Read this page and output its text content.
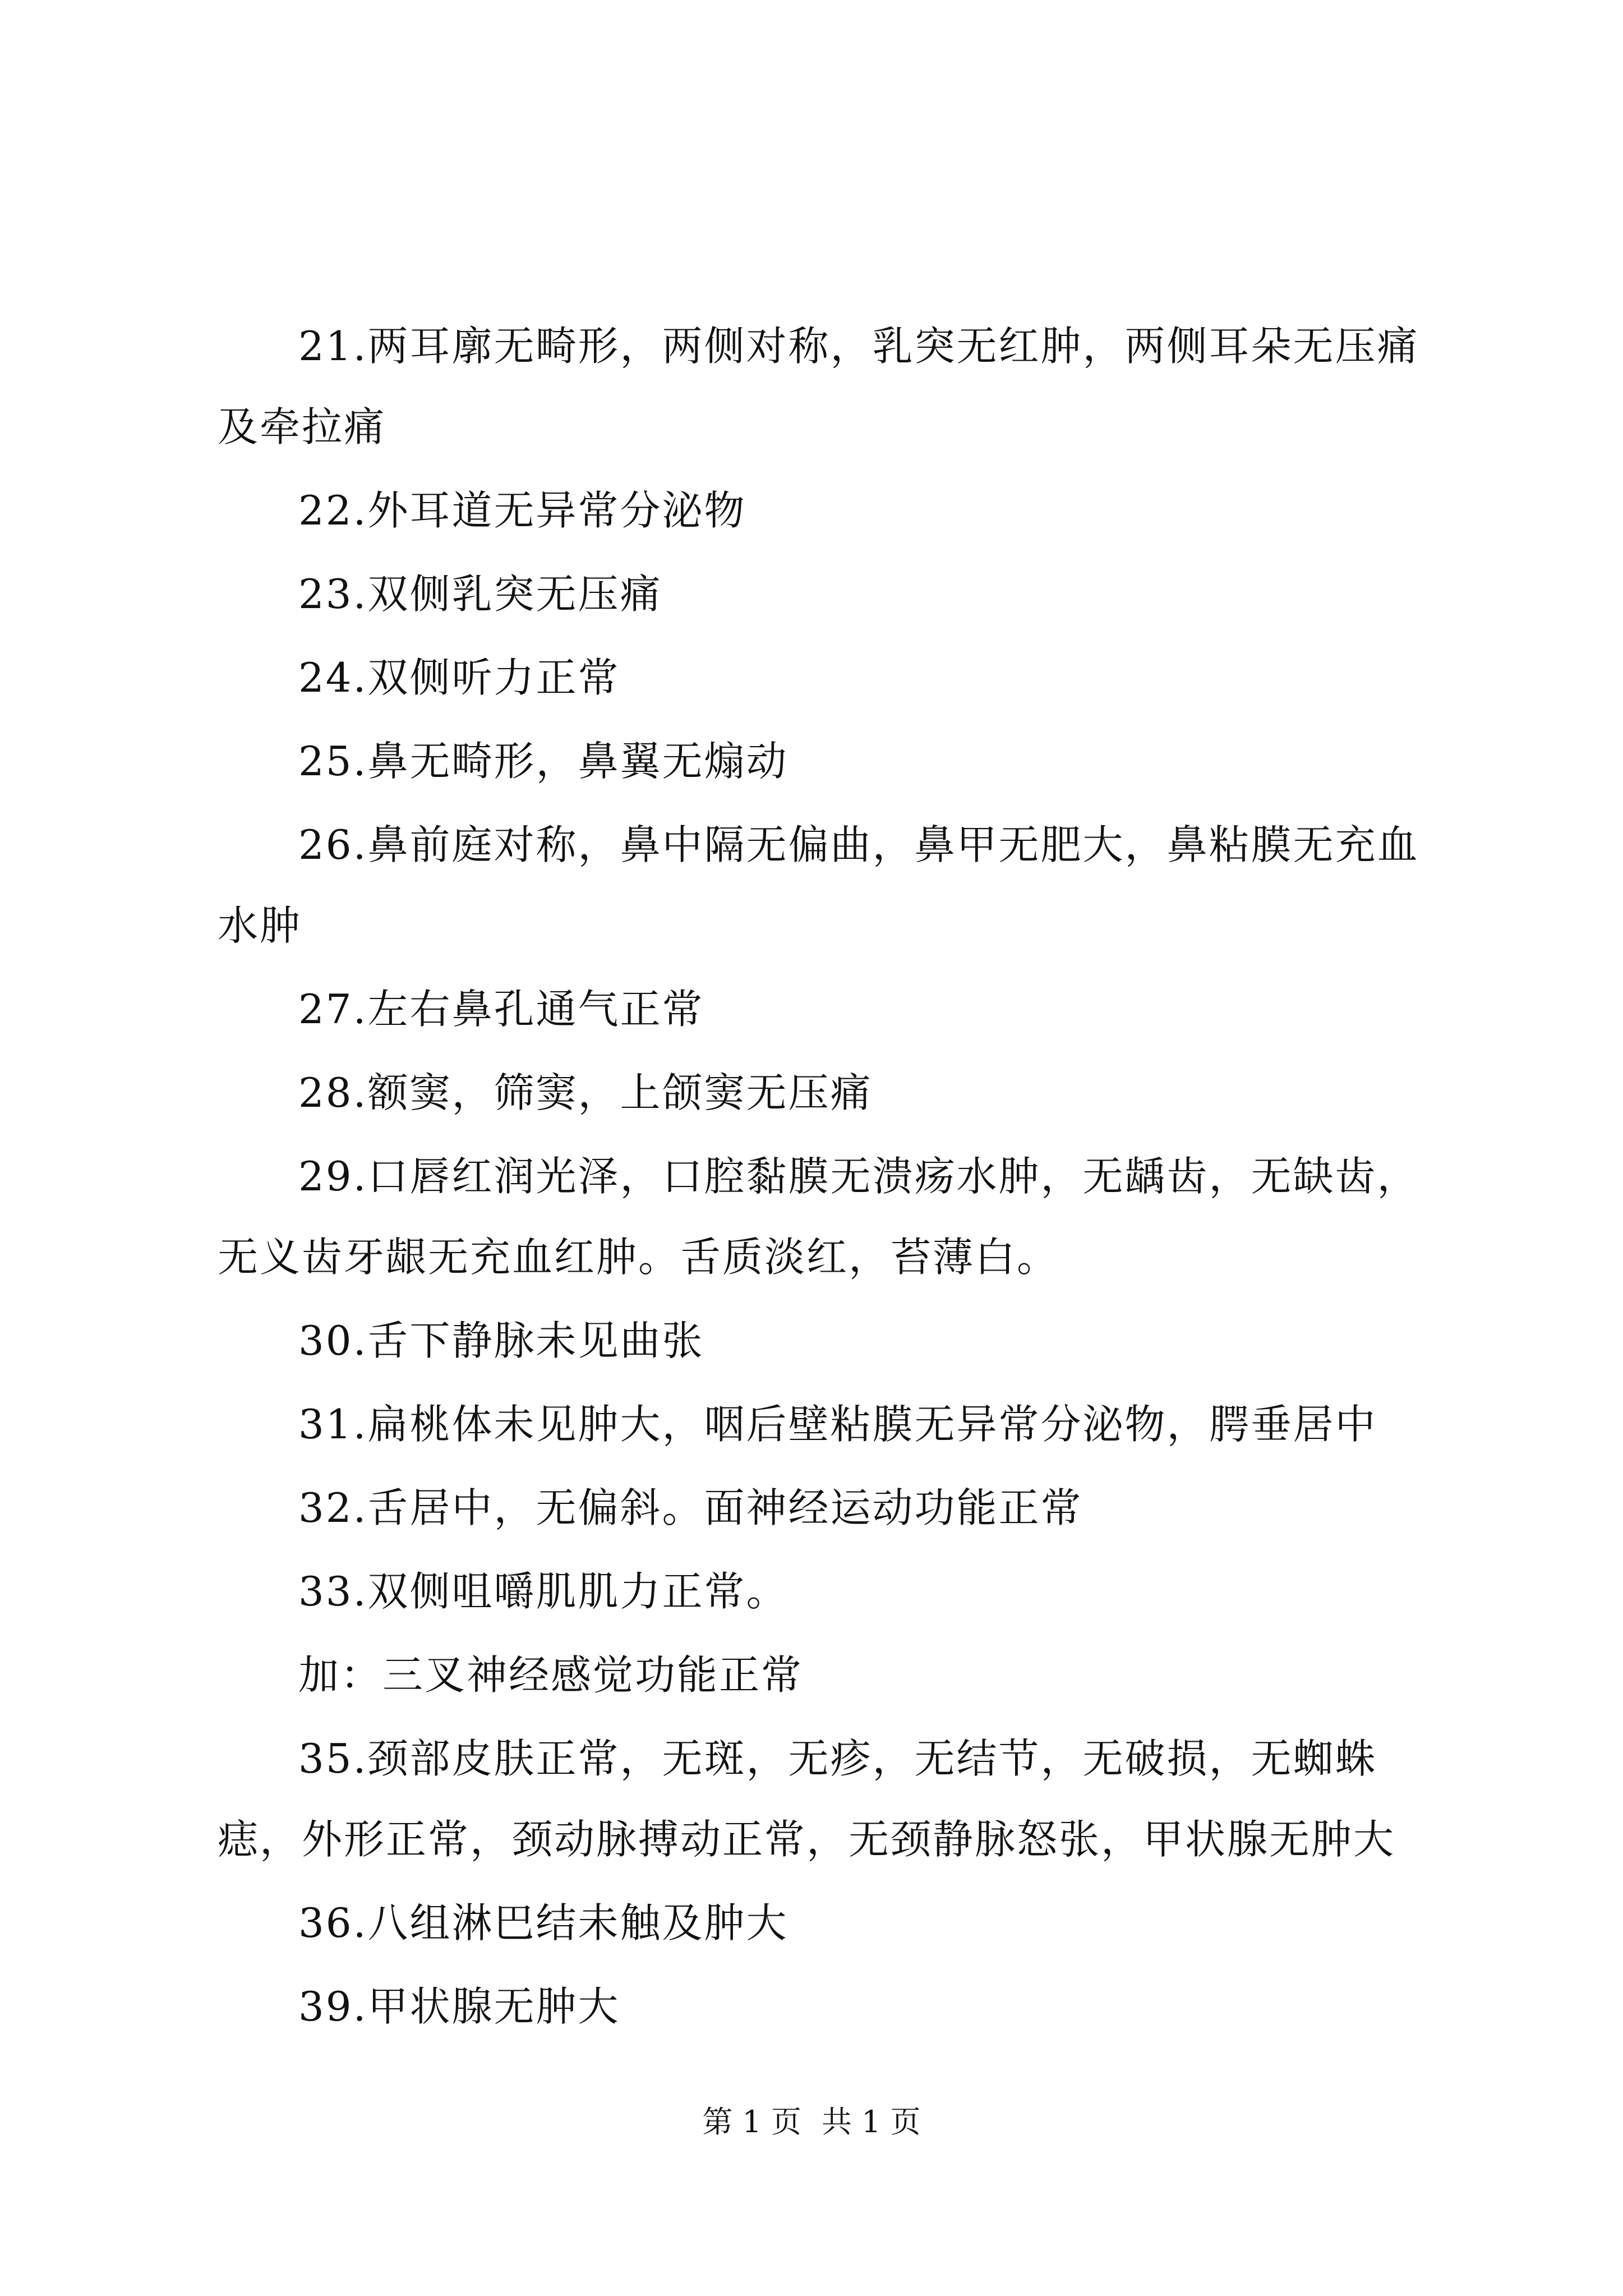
21.两耳廓无畸形，两侧对称，乳突无红肿，两侧耳朵无压痛及牵拉痛

22.外耳道无异常分泌物

23.双侧乳突无压痛

24.双侧听力正常

25.鼻无畸形，鼻翼无煽动

26.鼻前庭对称，鼻中隔无偏曲，鼻甲无肥大，鼻粘膜无充血水肿

27.左右鼻孔通气正常

28.额窦，筛窦，上颌窦无压痛

29.口唇红润光泽，口腔黏膜无溃疡水肿，无龋齿，无缺齿，无义齿牙龈无充血红肿。舌质淡红，苔薄白。

30.舌下静脉未见曲张

31.扁桃体未见肿大，咽后壁粘膜无异常分泌物，腭垂居中

32.舌居中，无偏斜。面神经运动功能正常

33.双侧咀嚼肌肌力正常。

加：三叉神经感觉功能正常

35.颈部皮肤正常，无斑，无疹，无结节，无破损，无蜘蛛痣，外形正常，颈动脉搏动正常，无颈静脉怒张，甲状腺无肿大

36.八组淋巴结未触及肿大

39.甲状腺无肿大

第 1 页 共 1 页
